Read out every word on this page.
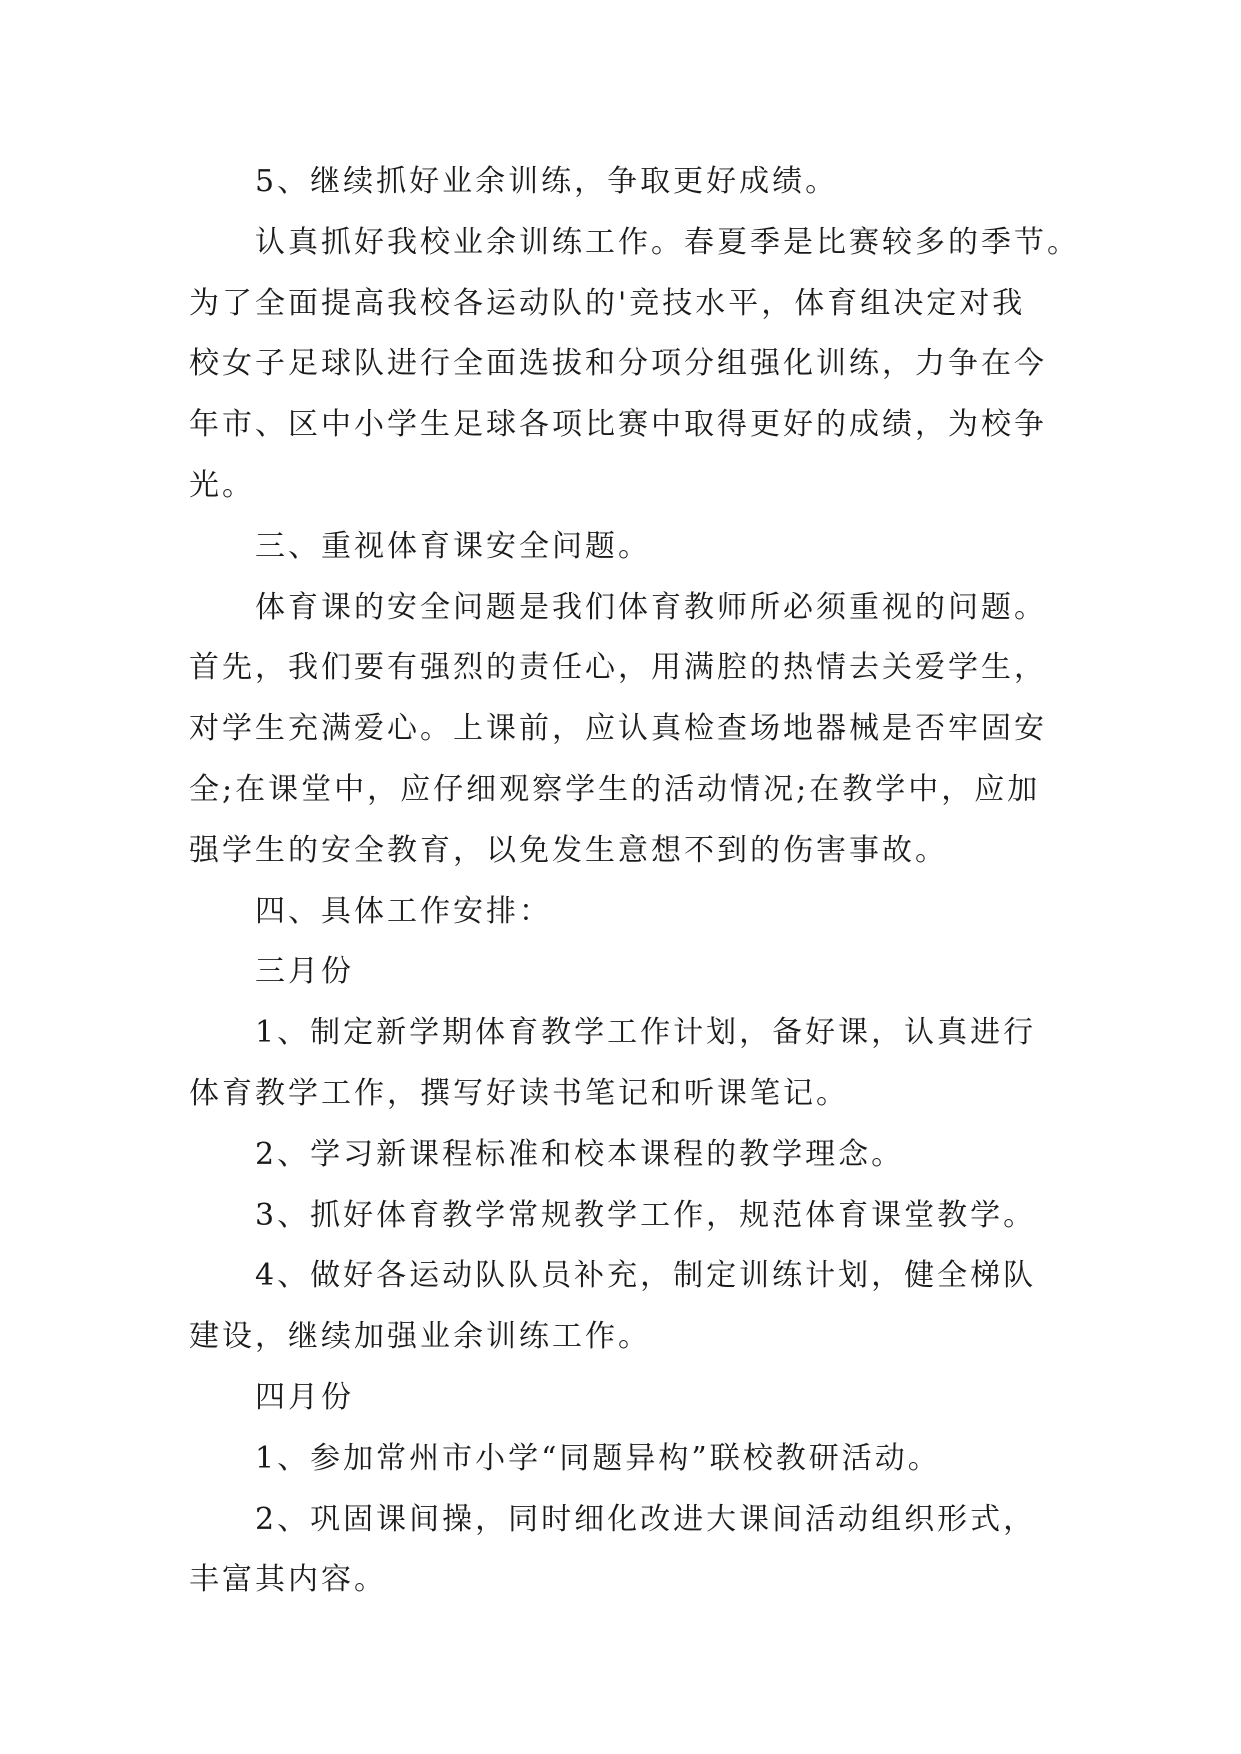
5、继续抓好业余训练，争取更好成绩。
认真抓好我校业余训练工作。春夏季是比赛较多的季节。
为了全面提高我校各运动队的'竞技水平，体育组决定对我
校女子足球队进行全面选拔和分项分组强化训练，力争在今
年市、区中小学生足球各项比赛中取得更好的成绩，为校争
光。
三、重视体育课安全问题。
体育课的安全问题是我们体育教师所必须重视的问题。
首先，我们要有强烈的责任心，用满腔的热情去关爱学生，
对学生充满爱心。上课前，应认真检查场地器械是否牢固安
全;在课堂中，应仔细观察学生的活动情况;在教学中，应加
强学生的安全教育，以免发生意想不到的伤害事故。
四、具体工作安排：
三月份
1、制定新学期体育教学工作计划，备好课，认真进行
体育教学工作，撰写好读书笔记和听课笔记。
2、学习新课程标准和校本课程的教学理念。
3、抓好体育教学常规教学工作，规范体育课堂教学。
4、做好各运动队队员补充，制定训练计划，健全梯队
建设，继续加强业余训练工作。
四月份
1、参加常州市小学“同题异构”联校教研活动。
2、巩固课间操，同时细化改进大课间活动组织形式，
丰富其内容。
